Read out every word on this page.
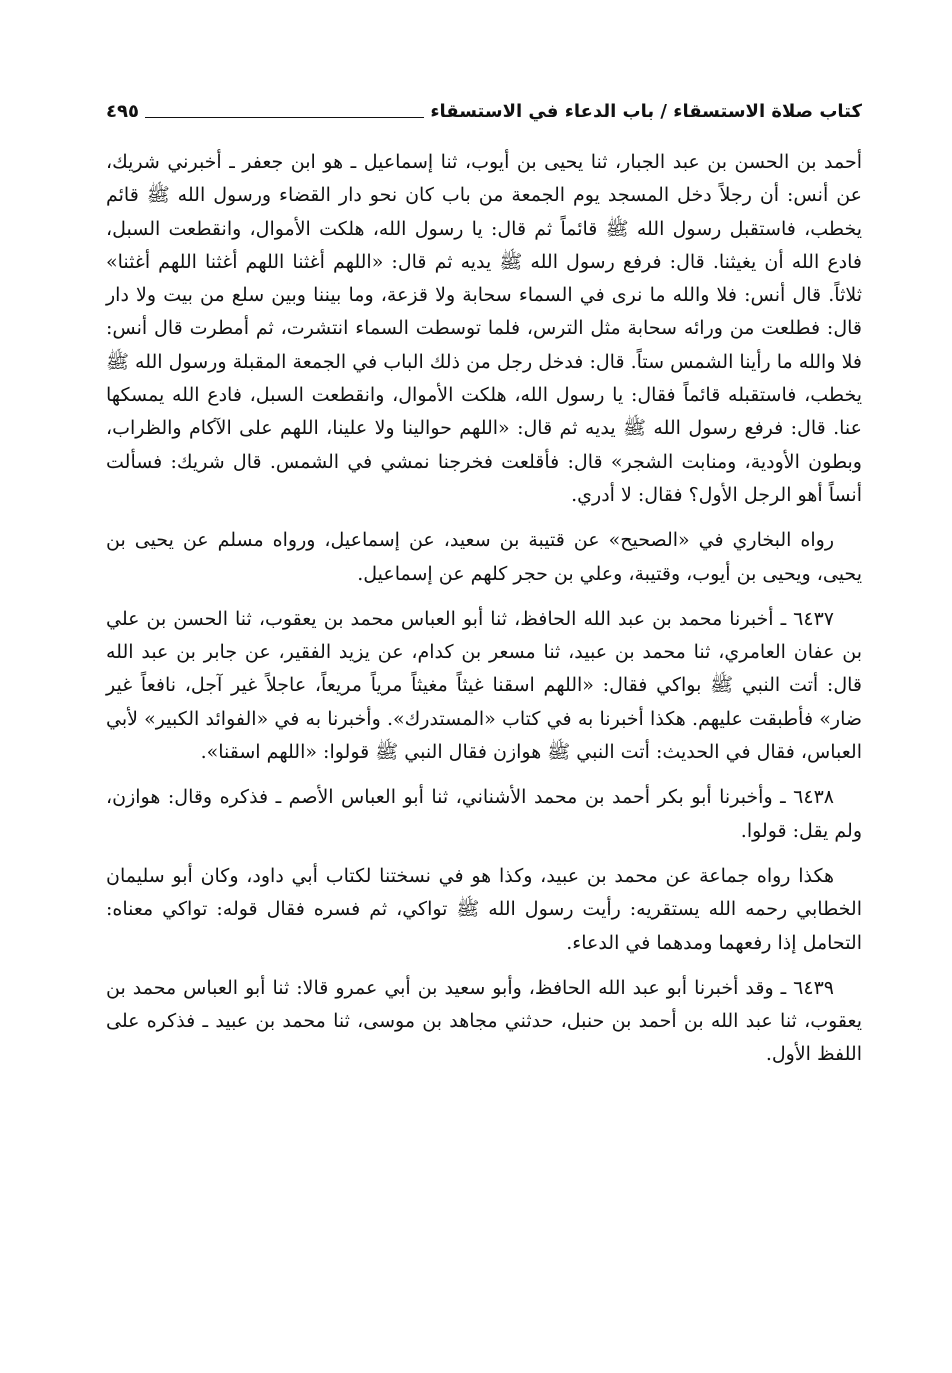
كتاب صلاة الاستسقاء / باب الدعاء في الاستسقاء
٤٩٥

أحمد بن الحسن بن عبد الجبار، ثنا يحيى بن أيوب، ثنا إسماعيل ـ هو ابن جعفر ـ أخبرني شريك، عن أنس: أن رجلاً دخل المسجد يوم الجمعة من باب كان نحو دار القضاء ورسول الله ﷺ قائم يخطب، فاستقبل رسول الله ﷺ قائماً ثم قال: يا رسول الله، هلكت الأموال، وانقطعت السبل، فادع الله أن يغيثنا. قال: فرفع رسول الله ﷺ يديه ثم قال: «اللهم أغثنا اللهم أغثنا اللهم أغثنا» ثلاثاً. قال أنس: فلا والله ما نرى في السماء سحابة ولا قزعة، وما بيننا وبين سلع من بيت ولا دار قال: فطلعت من ورائه سحابة مثل الترس، فلما توسطت السماء انتشرت، ثم أمطرت قال أنس: فلا والله ما رأينا الشمس ستاً. قال: فدخل رجل من ذلك الباب في الجمعة المقبلة ورسول الله ﷺ يخطب، فاستقبله قائماً فقال: يا رسول الله، هلكت الأموال، وانقطعت السبل، فادع الله يمسكها عنا. قال: فرفع رسول الله ﷺ يديه ثم قال: «اللهم حوالينا ولا علينا، اللهم على الآكام والظراب، وبطون الأودية، ومنابت الشجر» قال: فأقلعت فخرجنا نمشي في الشمس. قال شريك: فسألت أنساً أهو الرجل الأول؟ فقال: لا أدري.

رواه البخاري في «الصحيح» عن قتيبة بن سعيد، عن إسماعيل، ورواه مسلم عن يحيى بن يحيى، ويحيى بن أيوب، وقتيبة، وعلي بن حجر كلهم عن إسماعيل.

٦٤٣٧ ـ أخبرنا محمد بن عبد الله الحافظ، ثنا أبو العباس محمد بن يعقوب، ثنا الحسن بن علي بن عفان العامري، ثنا محمد بن عبيد، ثنا مسعر بن كدام، عن يزيد الفقير، عن جابر بن عبد الله قال: أتت النبي ﷺ بواكي فقال: «اللهم اسقنا غيثاً مغيثاً مرياً مريعاً، عاجلاً غير آجل، نافعاً غير ضار» فأطبقت عليهم. هكذا أخبرنا به في كتاب «المستدرك». وأخبرنا به في «الفوائد الكبير» لأبي العباس، فقال في الحديث: أتت النبي ﷺ هوازن فقال النبي ﷺ قولوا: «اللهم اسقنا».

٦٤٣٨ ـ وأخبرنا أبو بكر أحمد بن محمد الأشناني، ثنا أبو العباس الأصم ـ فذكره وقال: هوازن، ولم يقل: قولوا.

هكذا رواه جماعة عن محمد بن عبيد، وكذا هو في نسختنا لكتاب أبي داود، وكان أبو سليمان الخطابي رحمه الله يستقريه: رأيت رسول الله ﷺ تواكي، ثم فسره فقال قوله: تواكي معناه: التحامل إذا رفعهما ومدهما في الدعاء.

٦٤٣٩ ـ وقد أخبرنا أبو عبد الله الحافظ، وأبو سعيد بن أبي عمرو قالا: ثنا أبو العباس محمد بن يعقوب، ثنا عبد الله بن أحمد بن حنبل، حدثني مجاهد بن موسى، ثنا محمد بن عبيد ـ فذكره على اللفظ الأول.
